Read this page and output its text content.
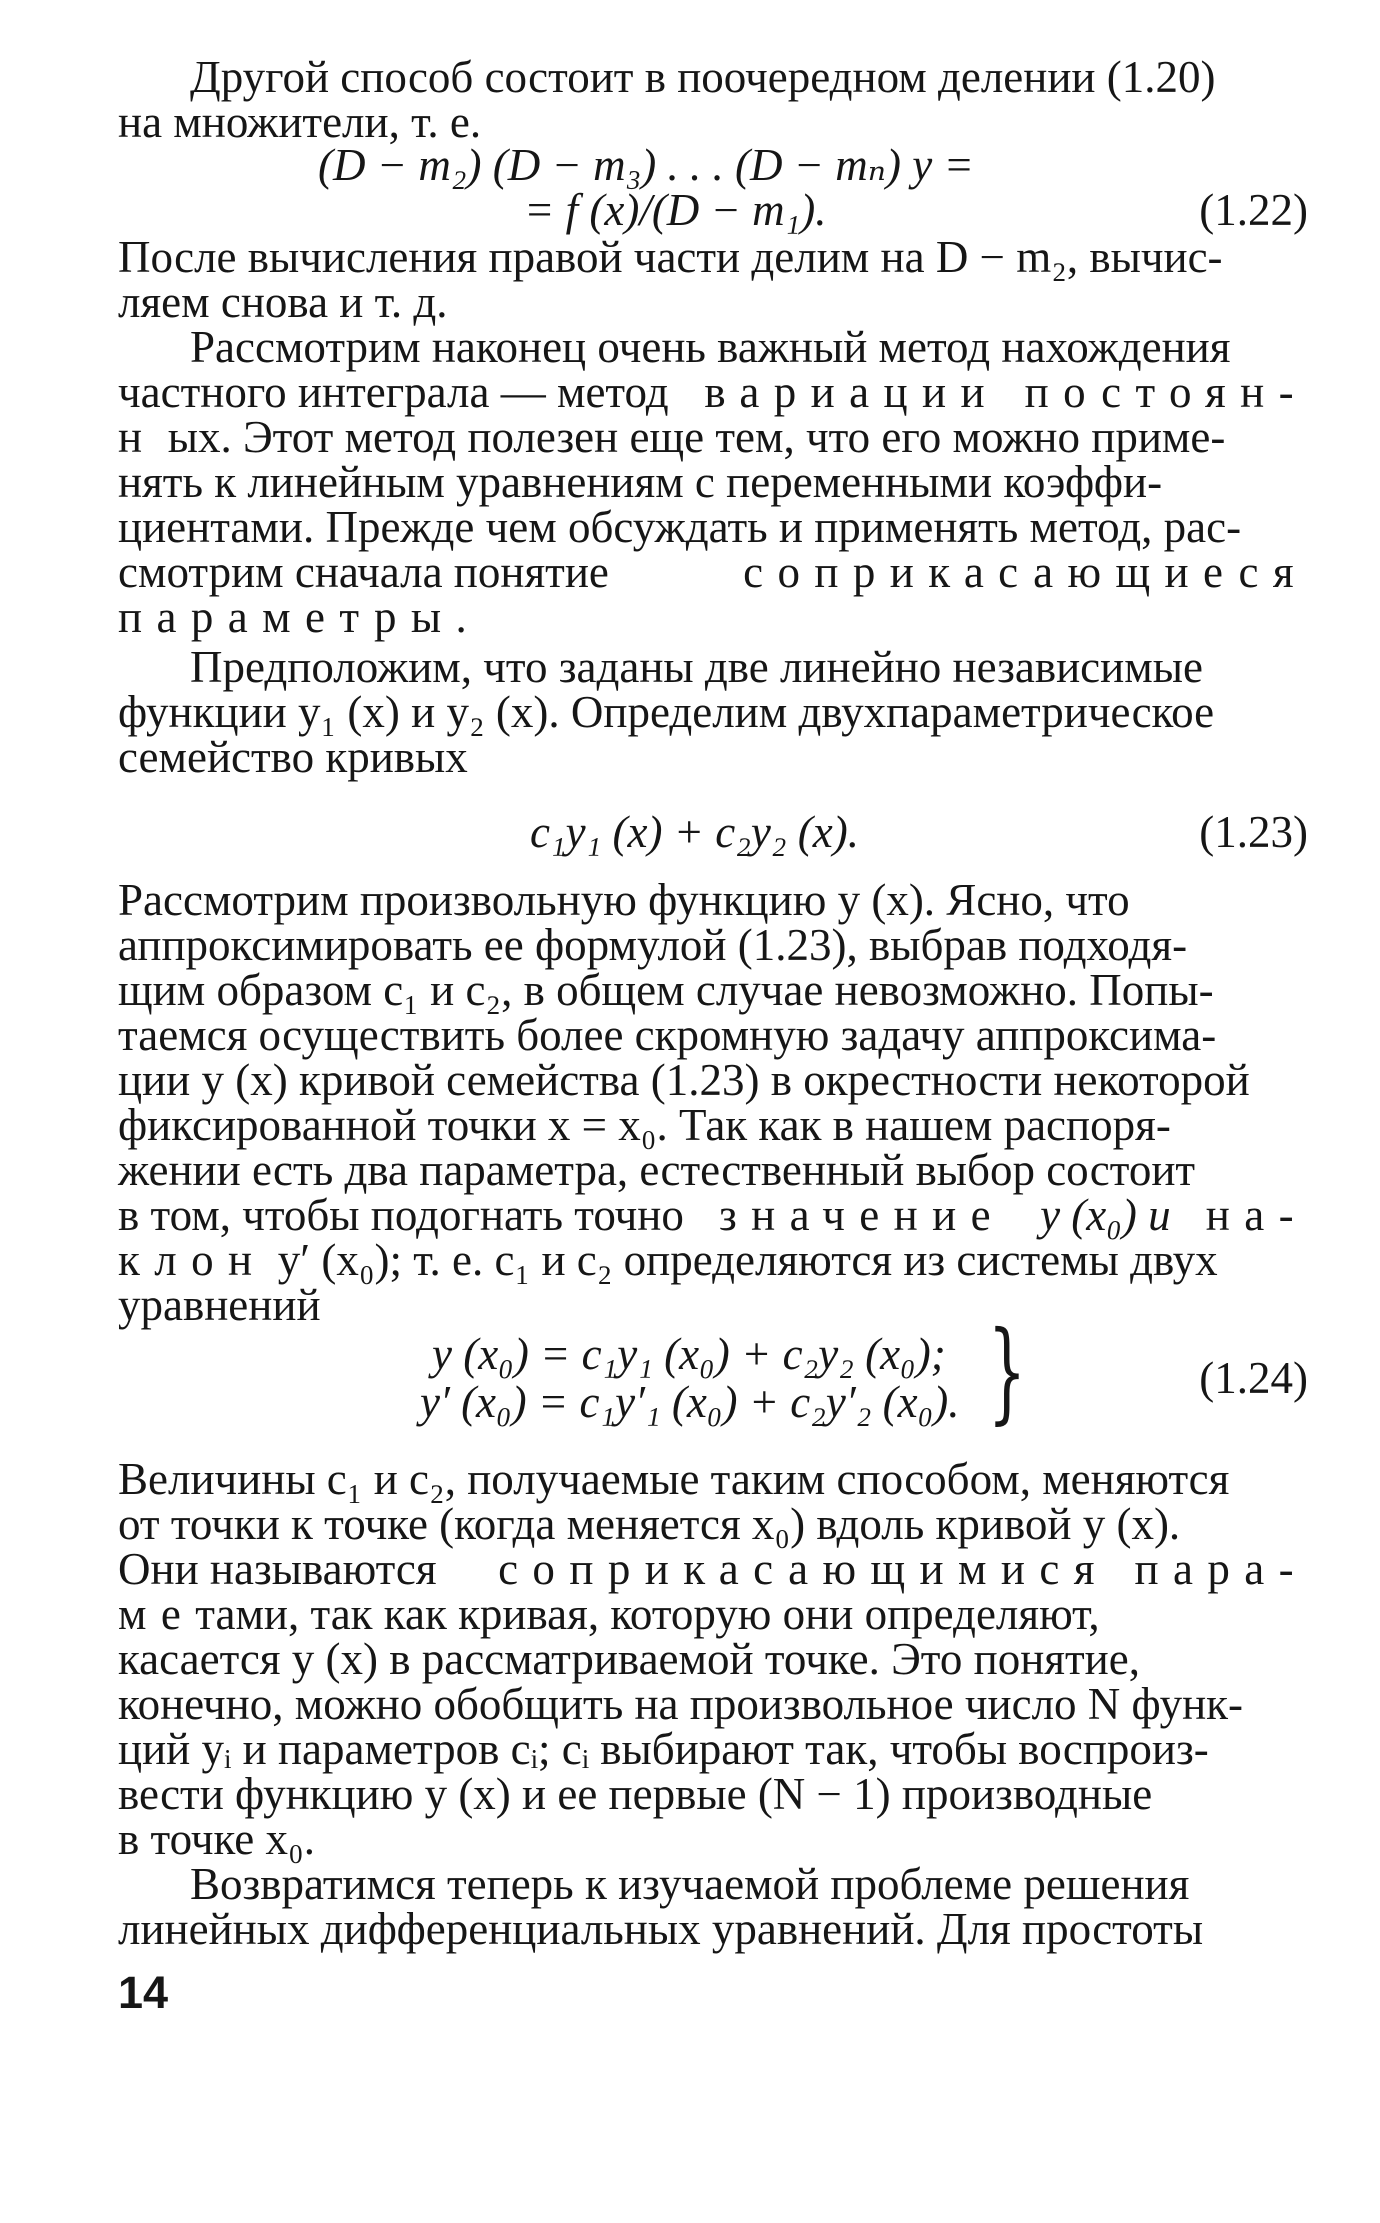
Другой способ состоит в поочередном делении (1.20)
на множители, т. е.
(D − m₂) (D − m₃) . . . (D − mₙ) y =
= f (x)/(D − m₁).	(1.22)
После вычисления правой части делим на D − m₂, вычис-
ляем снова и т. д.
Рассмотрим наконец очень важный метод нахождения
частного интеграла — метод вариации постоян-
н ых. Этот метод полезен еще тем, что его можно приме-
нять к линейным уравнениям с переменными коэффи-
циентами. Прежде чем обсуждать и применять метод, рас-
смотрим сначала понятие	соприкасающиеся
параметры.
Предположим, что заданы две линейно независимые
функции y₁ (x) и y₂ (x). Определим двухпараметрическое
семейство кривых
c₁y₁ (x) + c₂y₂ (x).	(1.23)
Рассмотрим произвольную функцию y (x). Ясно, что
аппроксимировать ее формулой (1.23), выбрав подходя-
щим образом c₁ и c₂, в общем случае невозможно. Попы-
таемся осуществить более скромную задачу аппроксима-
ции y (x) кривой семейства (1.23) в окрестности некоторой
фиксированной точки x = x₀. Так как в нашем распоря-
жении есть два параметра, естественный выбор состоит
в том, чтобы подогнать точно значение y (x₀) и на-
клон y′ (x₀); т. е. c₁ и c₂ определяются из системы двух
уравнений
y (x₀) = c₁y₁ (x₀) + c₂y₂ (x₀);
y′ (x₀) = c₁y′₁ (x₀) + c₂y′₂ (x₀). }	(1.24)
Величины c₁ и c₂, получаемые таким способом, меняются
от точки к точке (когда меняется x₀) вдоль кривой y (x).
Они называются соприкасающимися пара-
метами, так как кривая, которую они определяют,
касается y (x) в рассматриваемой точке. Это понятие,
конечно, можно обобщить на произвольное число N функ-
ций yᵢ и параметров cᵢ; cᵢ выбирают так, чтобы воспроиз-
вести функцию y (x) и ее первые (N − 1) производные
в точке x₀.
Возвратимся теперь к изучаемой проблеме решения
линейных дифференциальных уравнений. Для простоты
14
